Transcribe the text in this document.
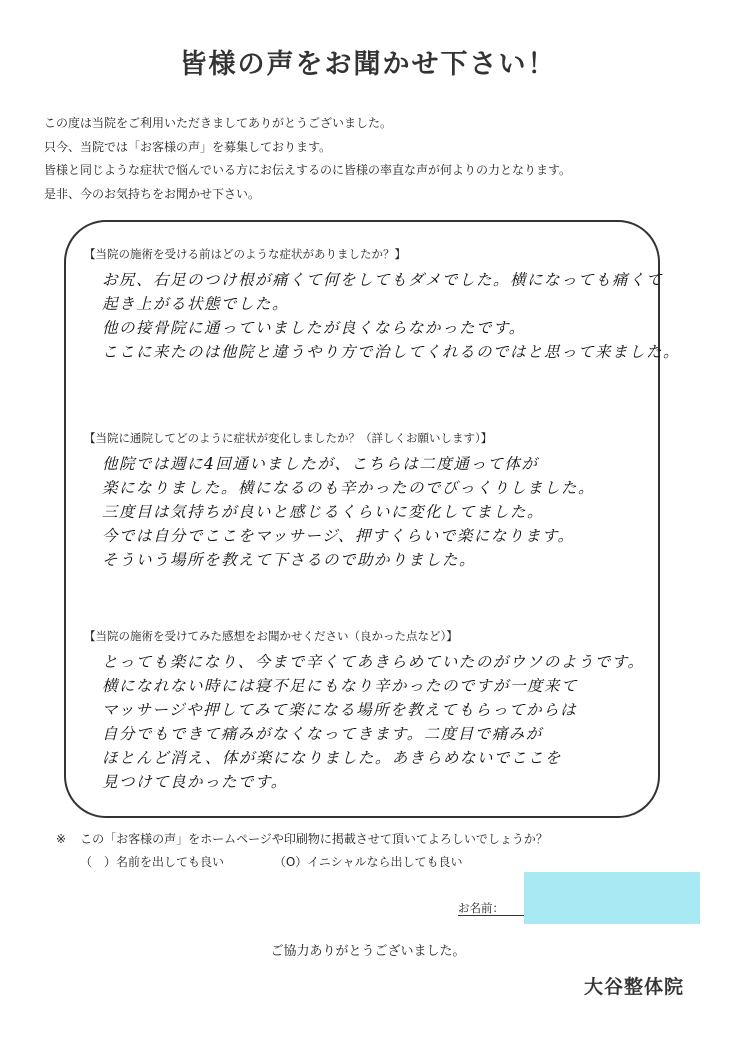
皆様の声をお聞かせ下さい！
この度は当院をご利用いただきましてありがとうございました。
只今、当院では「お客様の声」を募集しております。
皆様と同じような症状で悩んでいる方にお伝えするのに皆様の率直な声が何よりの力となります。
是非、今のお気持ちをお聞かせ下さい。
【当院の施術を受ける前はどのような症状がありましたか？】
お尻、右足のつけ根が痛くて何をしてもダメでした。横になっても痛くて
起き上がる状態でした。
他の接骨院に通っていましたが良くならなかったです。
ここに来たのは他院と違うやり方で治してくれるのではと思って来ました。
【当院に通院してどのように症状が変化しましたか？（詳しくお願いします）】
他院では週に4回通いましたが、こちらは二度通って体が
楽になりました。横になるのも辛かったのでびっくりしました。
三度目は気持ちが良いと感じるくらいに変化してました。
今では自分でここをマッサージ、押すくらいで楽になります。
そういう場所を教えて下さるので助かりました。
【当院の施術を受けてみた感想をお聞かせください（良かった点など）】
とっても楽になり、今まで辛くてあきらめていたのがウソのようです。
横になれない時には寝不足にもなり辛かったのですが一度来て
マッサージや押してみて楽になる場所を教えてもらってからは
自分でもできて痛みがなくなってきます。二度目で痛みが
ほとんど消え、体が楽になりました。あきらめないでここを
見つけて良かったです。
※ この「お客様の声」をホームページや印刷物に掲載させて頂いてよろしいでしょうか？
（　）名前を出しても良い	（O）イニシャルなら出しても良い
お名前：
ご協力ありがとうございました。
大谷整体院
